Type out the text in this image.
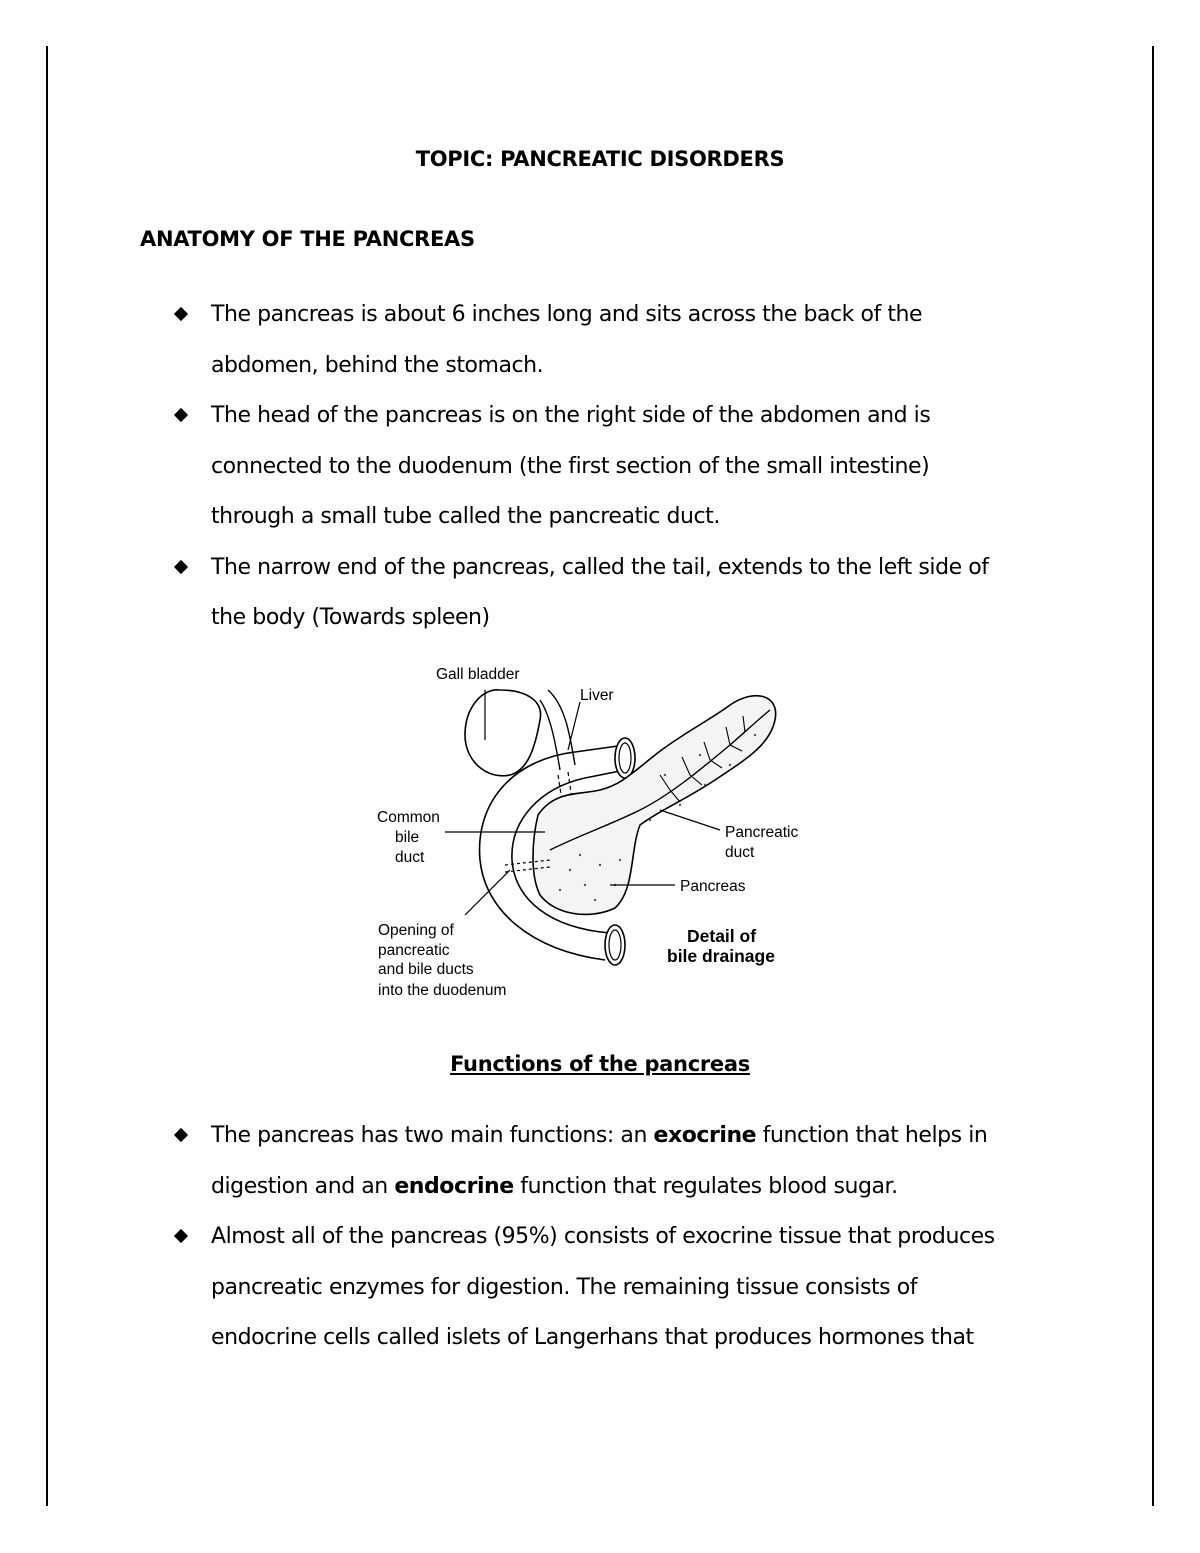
TOPIC: PANCREATIC DISORDERS
ANATOMY OF THE PANCREAS
The pancreas is about 6 inches long and sits across the back of the
abdomen, behind the stomach.
The head of the pancreas is on the right side of the abdomen and is
connected to the duodenum (the first section of the small intestine)
through a small tube called the pancreatic duct.
The narrow end of the pancreas, called the tail, extends to the left side of
the body (Towards spleen)
Gall bladder
Liver
Common
bile
duct
Pancreatic
duct
Pancreas
Opening of
pancreatic
and bile ducts
into the duodenum
Detail of
bile drainage
Functions of the pancreas
The pancreas has two main functions: an exocrine function that helps in
digestion and an endocrine function that regulates blood sugar.
Almost all of the pancreas (95%) consists of exocrine tissue that produces
pancreatic enzymes for digestion. The remaining tissue consists of
endocrine cells called islets of Langerhans that produces hormones that
